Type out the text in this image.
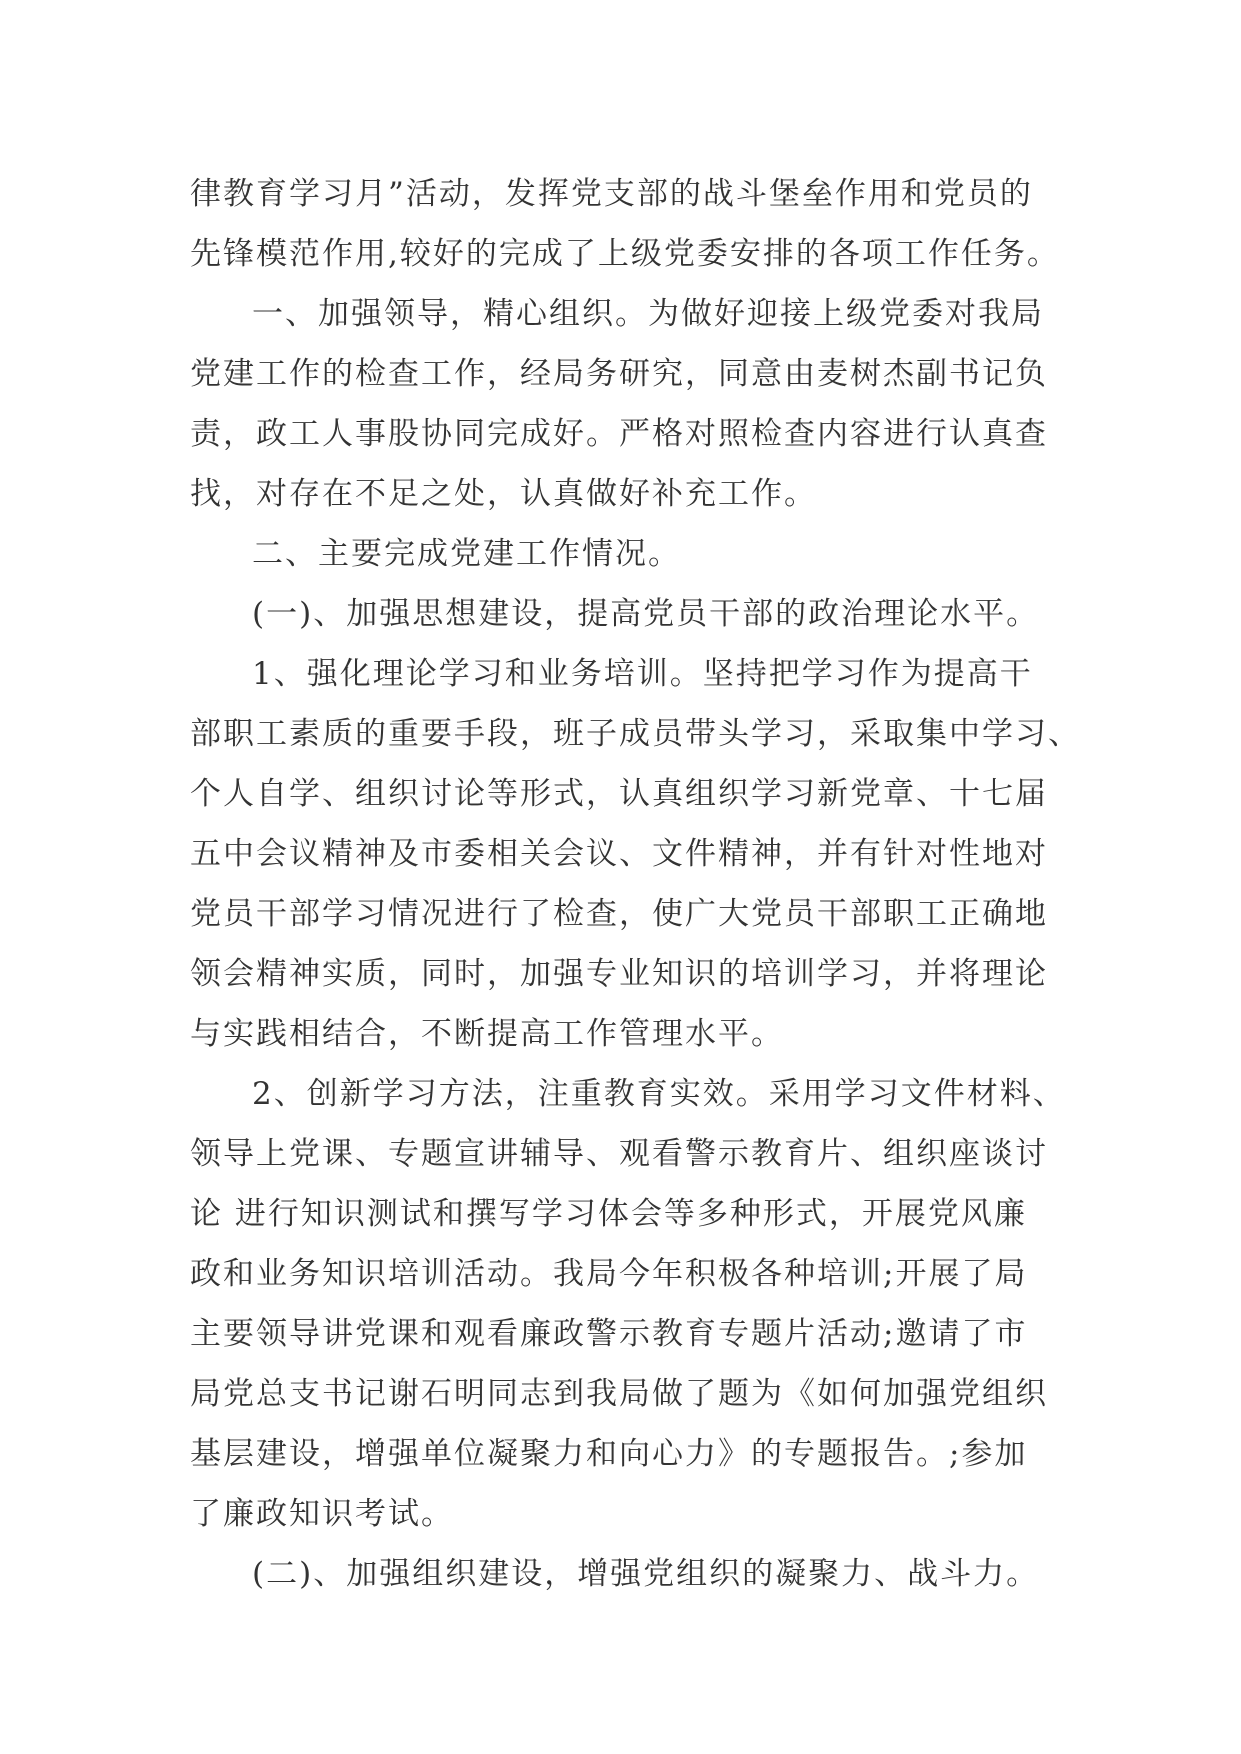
律教育学习月”活动，发挥党支部的战斗堡垒作用和党员的
先锋模范作用,较好的完成了上级党委安排的各项工作任务。
一、加强领导，精心组织。为做好迎接上级党委对我局
党建工作的检查工作，经局务研究，同意由麦树杰副书记负
责，政工人事股协同完成好。严格对照检查内容进行认真查
找，对存在不足之处，认真做好补充工作。
二、主要完成党建工作情况。
(一)、加强思想建设，提高党员干部的政治理论水平。
1、强化理论学习和业务培训。坚持把学习作为提高干
部职工素质的重要手段，班子成员带头学习，采取集中学习、
个人自学、组织讨论等形式，认真组织学习新党章、十七届
五中会议精神及市委相关会议、文件精神，并有针对性地对
党员干部学习情况进行了检查，使广大党员干部职工正确地
领会精神实质，同时，加强专业知识的培训学习，并将理论
与实践相结合，不断提高工作管理水平。
2、创新学习方法，注重教育实效。采用学习文件材料、
领导上党课、专题宣讲辅导、观看警示教育片、组织座谈讨
论 进行知识测试和撰写学习体会等多种形式，开展党风廉
政和业务知识培训活动。我局今年积极各种培训;开展了局
主要领导讲党课和观看廉政警示教育专题片活动;邀请了市
局党总支书记谢石明同志到我局做了题为《如何加强党组织
基层建设，增强单位凝聚力和向心力》的专题报告。;参加
了廉政知识考试。
(二)、加强组织建设，增强党组织的凝聚力、战斗力。
